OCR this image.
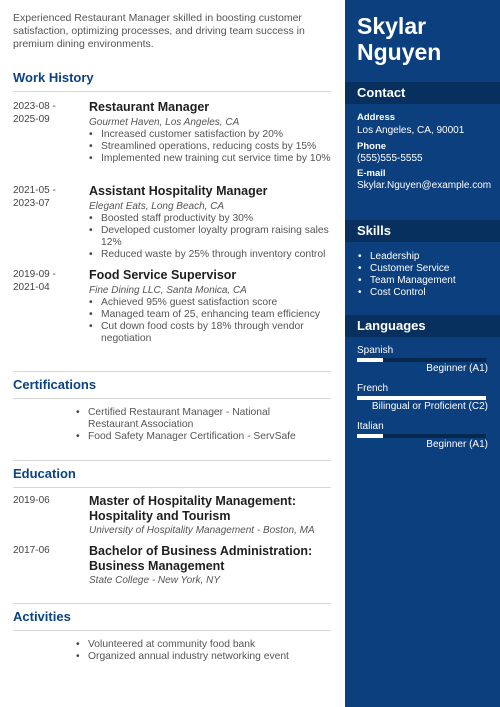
Experienced Restaurant Manager skilled in boosting customer satisfaction, optimizing processes, and driving team success in premium dining environments.
Work History
2023-08 -
2025-09
Restaurant Manager
Gourmet Haven, Los Angeles, CA
• Increased customer satisfaction by 20%
• Streamlined operations, reducing costs by 15%
• Implemented new training cut service time by 10%
2021-05 -
2023-07
Assistant Hospitality Manager
Elegant Eats, Long Beach, CA
• Boosted staff productivity by 30%
• Developed customer loyalty program raising sales 12%
• Reduced waste by 25% through inventory control
2019-09 -
2021-04
Food Service Supervisor
Fine Dining LLC, Santa Monica, CA
• Achieved 95% guest satisfaction score
• Managed team of 25, enhancing team efficiency
• Cut down food costs by 18% through vendor negotiation
Certifications
• Certified Restaurant Manager - National Restaurant Association
• Food Safety Manager Certification - ServSafe
Education
2019-06	Master of Hospitality Management: Hospitality and Tourism
University of Hospitality Management - Boston, MA
2017-06	Bachelor of Business Administration: Business Management
State College - New York, NY
Activities
• Volunteered at community food bank
• Organized annual industry networking event
Skylar
Nguyen
Contact
Address
Los Angeles, CA, 90001
Phone
(555)555-5555
E-mail
Skylar.Nguyen@example.com
Skills
• Leadership
• Customer Service
• Team Management
• Cost Control
Languages
Spanish
Beginner (A1)
French
Bilingual or Proficient (C2)
Italian
Beginner (A1)
